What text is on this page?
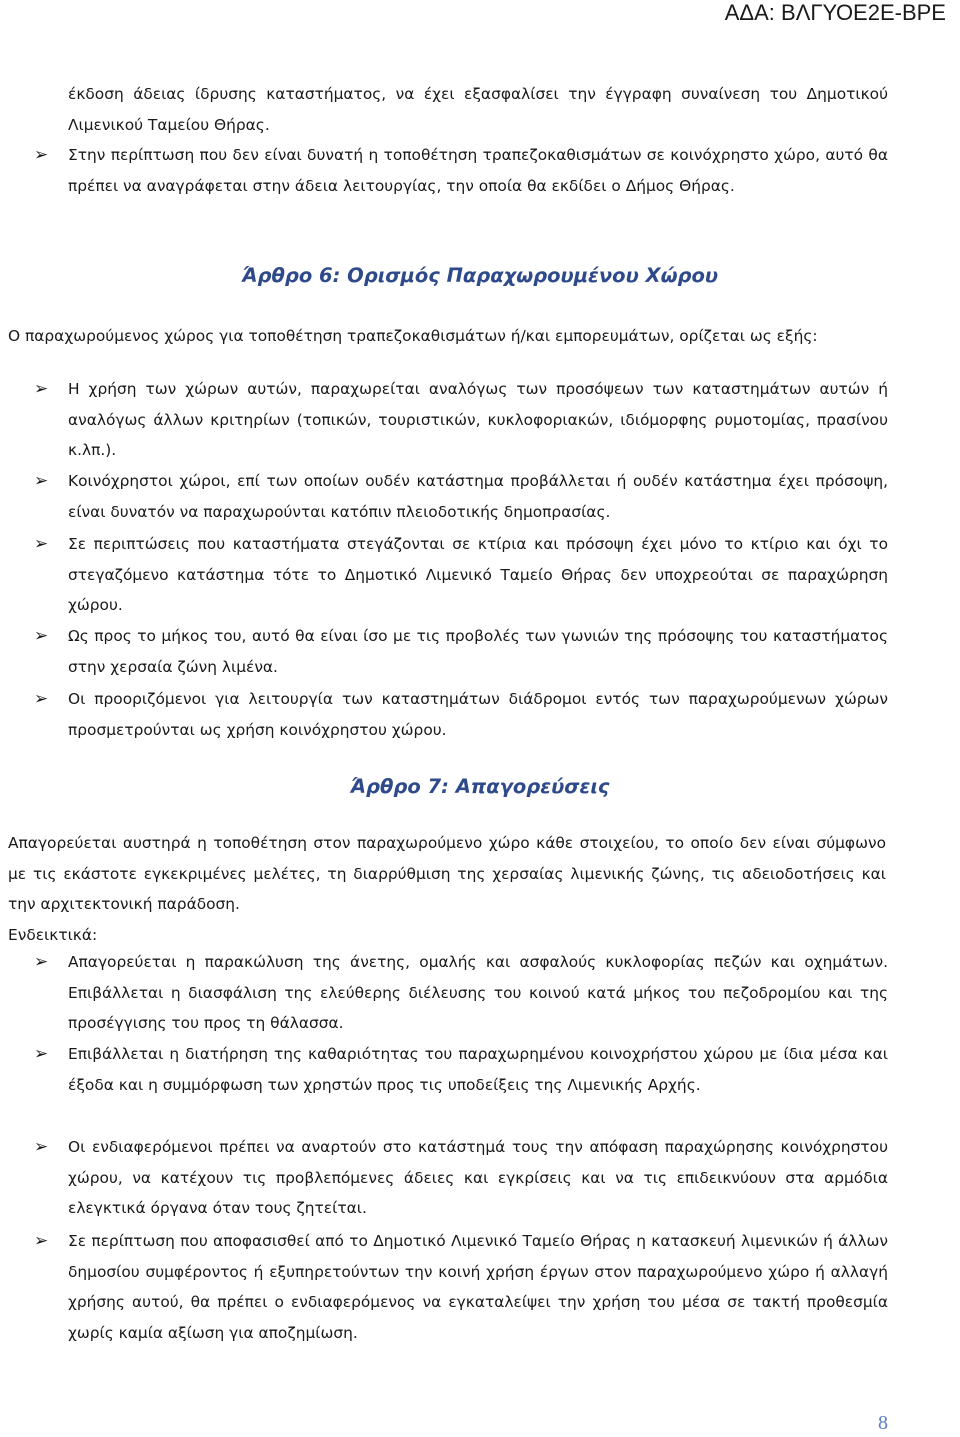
ΑΔΑ: ΒΛΓΥΟΕ2Ε-ΒΡΕ
έκδοση άδειας ίδρυσης καταστήματος, να έχει εξασφαλίσει την έγγραφη συναίνεση του Δημοτικού Λιμενικού Ταμείου Θήρας.
➢ Στην περίπτωση που δεν είναι δυνατή η τοποθέτηση τραπεζοκαθισμάτων σε κοινόχρηστο χώρο, αυτό θα πρέπει να αναγράφεται στην άδεια λειτουργίας, την οποία θα εκδίδει ο Δήμος Θήρας.
Άρθρο 6: Ορισμός Παραχωρουμένου Χώρου
Ο παραχωρούμενος χώρος για τοποθέτηση τραπεζοκαθισμάτων ή/και εμπορευμάτων, ορίζεται ως εξής:
➢ Η χρήση των χώρων αυτών, παραχωρείται αναλόγως των προσόψεων των καταστημάτων αυτών ή αναλόγως άλλων κριτηρίων (τοπικών, τουριστικών, κυκλοφοριακών, ιδιόμορφης ρυμοτομίας, πρασίνου κ.λπ.).
➢ Κοινόχρηστοι χώροι, επί των οποίων ουδέν κατάστημα προβάλλεται ή ουδέν κατάστημα έχει πρόσοψη, είναι δυνατόν να παραχωρούνται κατόπιν πλειοδοτικής δημοπρασίας.
➢ Σε περιπτώσεις που καταστήματα στεγάζονται σε κτίρια και πρόσοψη έχει μόνο το κτίριο και όχι το στεγαζόμενο κατάστημα τότε το Δημοτικό Λιμενικό Ταμείο Θήρας δεν υποχρεούται σε παραχώρηση χώρου.
➢ Ως προς το μήκος του, αυτό θα είναι ίσο με τις προβολές των γωνιών της πρόσοψης του καταστήματος στην χερσαία ζώνη λιμένα.
➢ Οι προοριζόμενοι για λειτουργία των καταστημάτων διάδρομοι εντός των παραχωρούμενων χώρων προσμετρούνται ως χρήση κοινόχρηστου χώρου.
Άρθρο 7: Απαγορεύσεις
Απαγορεύεται αυστηρά η τοποθέτηση στον παραχωρούμενο χώρο κάθε στοιχείου, το οποίο δεν είναι σύμφωνο με τις εκάστοτε εγκεκριμένες μελέτες, τη διαρρύθμιση της χερσαίας λιμενικής ζώνης, τις αδειοδοτήσεις και την αρχιτεκτονική παράδοση.
Ενδεικτικά:
➢ Απαγορεύεται η παρακώλυση της άνετης, ομαλής και ασφαλούς κυκλοφορίας πεζών και οχημάτων. Επιβάλλεται η διασφάλιση της ελεύθερης διέλευσης του κοινού κατά μήκος του πεζοδρομίου και της προσέγγισης του προς τη θάλασσα.
➢ Επιβάλλεται η διατήρηση της καθαριότητας του παραχωρημένου κοινοχρήστου χώρου με ίδια μέσα και έξοδα και η συμμόρφωση των χρηστών προς τις υποδείξεις της Λιμενικής Αρχής.
➢ Οι ενδιαφερόμενοι πρέπει να αναρτούν στο κατάστημά τους την απόφαση παραχώρησης κοινόχρηστου χώρου, να κατέχουν τις προβλεπόμενες άδειες και εγκρίσεις και να τις επιδεικνύουν στα αρμόδια ελεγκτικά όργανα όταν τους ζητείται.
➢ Σε περίπτωση που αποφασισθεί από το Δημοτικό Λιμενικό Ταμείο Θήρας η κατασκευή λιμενικών ή άλλων δημοσίου συμφέροντος ή εξυπηρετούντων την κοινή χρήση έργων στον παραχωρούμενο χώρο ή αλλαγή χρήσης αυτού, θα πρέπει ο ενδιαφερόμενος να εγκαταλείψει την χρήση του μέσα σε τακτή προθεσμία χωρίς καμία αξίωση για αποζημίωση.
8
